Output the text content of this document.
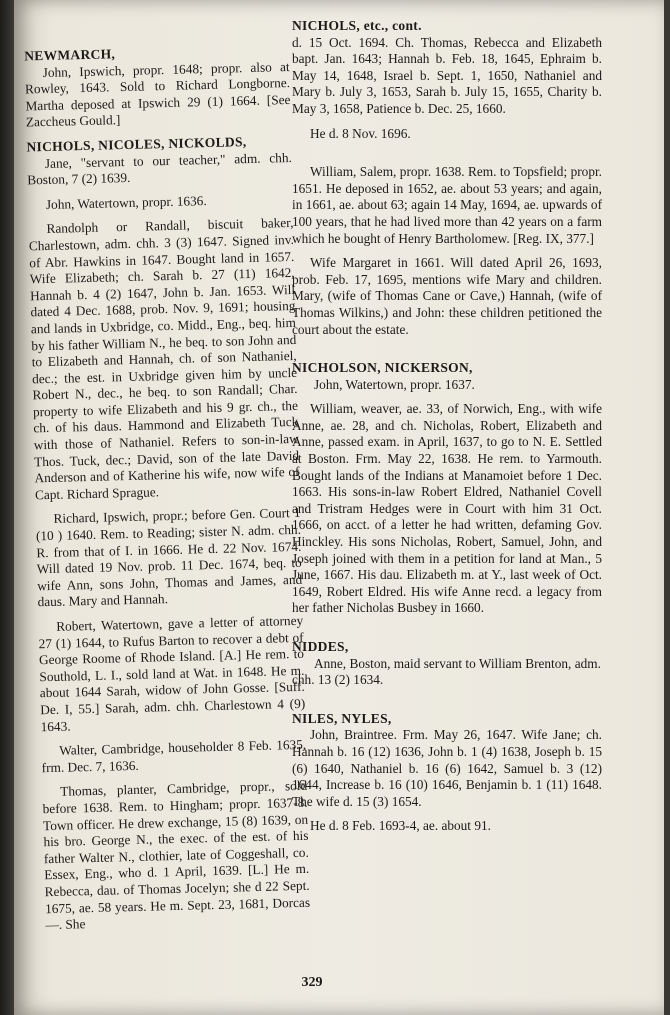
NEWMARCH,

John, Ipswich, propr. 1648; propr. also at Rowley, 1643. Sold to Richard Longborne. Martha deposed at Ipswich 29 (1) 1664. [See Zaccheus Gould.]

NICHOLS, NICOLES, NICKOLDS,

Jane, "servant to our teacher," adm. chh. Boston, 7 (2) 1639.

John, Watertown, propr. 1636.

Randolph or Randall, biscuit baker, Charlestown, adm. chh. 3 (3) 1647. Signed inv. of Abr. Hawkins in 1647. Bought land in 1657. Wife Elizabeth; ch. Sarah b. 27 (11) 1642, Hannah b. 4 (2) 1647, John b. Jan. 1653. Will dated 4 Dec. 1688, prob. Nov. 9, 1691; housing and lands in Uxbridge, co. Midd., Eng., beq. him by his father William N., he beq. to son John and to Elizabeth and Hannah, ch. of son Nathaniel, dec.; the est. in Uxbridge given him by uncle Robert N., dec., he beq. to son Randall; Char. property to wife Elizabeth and his 9 gr. ch., the ch. of his daus. Hammond and Elizabeth Tuck with those of Nathaniel. Refers to son-in-law Thos. Tuck, dec.; David, son of the late David Anderson and of Katherine his wife, now wife of Capt. Richard Sprague.

Richard, Ipswich, propr.; before Gen. Court 1 (10 ) 1640. Rem. to Reading; sister N. adm. chh. R. from that of I. in 1666. He d. 22 Nov. 1674. Will dated 19 Nov. prob. 11 Dec. 1674, beq. to wife Ann, sons John, Thomas and James, and daus. Mary and Hannah.

Robert, Watertown, gave a letter of attorney 27 (1) 1644, to Rufus Barton to recover a debt of George Roome of Rhode Island. [A.] He rem. to Southold, L. I., sold land at Wat. in 1648. He m. about 1644 Sarah, widow of John Gosse. [Suff. De. I, 55.] Sarah, adm. chh. Charlestown 4 (9) 1643.

Walter, Cambridge, householder 8 Feb. 1635, frm. Dec. 7, 1636.

Thomas, planter, Cambridge, propr., sold before 1638. Rem. to Hingham; propr. 1637-8. Town officer. He drew exchange, 15 (8) 1639, on his bro. George N., the exec. of the est. of his father Walter N., clothier, late of Coggeshall, co. Essex, Eng., who d. 1 April, 1639. [L.] He m. Rebecca, dau. of Thomas Jocelyn; she d 22 Sept. 1675, ae. 58 years. He m. Sept. 23, 1681, Dorcas —. She

NICHOLS, etc., cont.

d. 15 Oct. 1694. Ch. Thomas, Rebecca and Elizabeth bapt. Jan. 1643; Hannah b. Feb. 18, 1645, Ephraim b. May 14, 1648, Israel b. Sept. 1, 1650, Nathaniel and Mary b. July 3, 1653, Sarah b. July 15, 1655, Charity b. May 3, 1658, Patience b. Dec. 25, 1660.

He d. 8 Nov. 1696.

William, Salem, propr. 1638. Rem. to Topsfield; propr. 1651. He deposed in 1652, ae. about 53 years; and again, in 1661, ae. about 63; again 14 May, 1694, ae. upwards of 100 years, that he had lived more than 42 years on a farm which he bought of Henry Bartholomew. [Reg. IX, 377.]

Wife Margaret in 1661. Will dated April 26, 1693, prob. Feb. 17, 1695, mentions wife Mary and children. Mary, (wife of Thomas Cane or Cave,) Hannah, (wife of Thomas Wilkins,) and John: these children petitioned the court about the estate.

NICHOLSON, NICKERSON,

John, Watertown, propr. 1637.

William, weaver, ae. 33, of Norwich, Eng., with wife Anne, ae. 28, and ch. Nicholas, Robert, Elizabeth and Anne, passed exam. in April, 1637, to go to N. E. Settled at Boston. Frm. May 22, 1638. He rem. to Yarmouth. Bought lands of the Indians at Manamoiet before 1 Dec. 1663. His sons-in-law Robert Eldred, Nathaniel Covell and Tristram Hedges were in Court with him 31 Oct. 1666, on acct. of a letter he had written, defaming Gov. Hinckley. His sons Nicholas, Robert, Samuel, John, and Joseph joined with them in a petition for land at Man., 5 June, 1667. His dau. Elizabeth m. at Y., last week of Oct. 1649, Robert Eldred. His wife Anne recd. a legacy from her father Nicholas Busbey in 1660.

NIDDES,

Anne, Boston, maid servant to William Brenton, adm. chh. 13 (2) 1634.

NILES, NYLES,

John, Braintree. Frm. May 26, 1647. Wife Jane; ch. Hannah b. 16 (12) 1636, John b. 1 (4) 1638, Joseph b. 15 (6) 1640, Nathaniel b. 16 (6) 1642, Samuel b. 3 (12) 1644, Increase b. 16 (10) 1646, Benjamin b. 1 (11) 1648. The wife d. 15 (3) 1654.

He d. 8 Feb. 1693-4, ae. about 91.

329
